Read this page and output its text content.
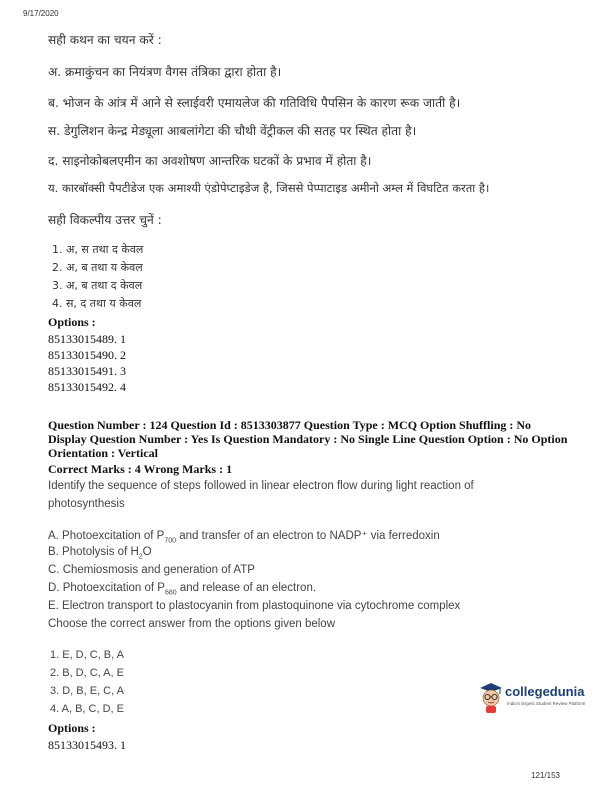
9/17/2020
सही कथन का चयन करें :
अ. क्रमाकुंचन का नियंत्रण वैगस तंत्रिका द्वारा होता है।
ब. भोजन के आंत्र में आने से स्लाईवरी एमायलेज की गतिविधि पैपसिन के कारण रूक जाती है।
स. डेगुलिशन केन्द्र मेड्यूला आबलांगेटा की चौथी वेंट्रीकल की सतह पर स्थित होता है।
द. साइनोकोबलएमीन का अवशोषण आन्तरिक घटकों के प्रभाव में होता है।
य. कारबॉक्सी पैपटीडेज एक अमाश्यी एंडोपेप्टाइडेज है, जिससे पेप्पाटाइड अमीनो अम्ल में विघटित करता है।
सही विकल्पीय उत्तर चुनें :
1. अ, स तथा द केवल
2. अ, ब तथा य केवल
3. अ, ब तथा द केवल
4. स, द तथा य केवल
Options :
85133015489. 1
85133015490. 2
85133015491. 3
85133015492. 4
Question Number : 124 Question Id : 8513303877 Question Type : MCQ Option Shuffling : No
Display Question Number : Yes Is Question Mandatory : No Single Line Question Option : No Option
Orientation : Vertical
Correct Marks : 4 Wrong Marks : 1
Identify the sequence of steps followed in linear electron flow during light reaction of
photosynthesis
A. Photoexcitation of $P_{700}$ and transfer of an electron to NADP⁺ via ferredoxin
B. Photolysis of $H_2O$
C. Chemiosmosis and generation of ATP
D. Photoexcitation of $P_{680}$ and release of an electron.
E. Electron transport to plastocyanin from plastoquinone via cytochrome complex
Choose the correct answer from the options given below
1. E, D, C, B, A
2. B, D, C, A, E
3. D, B, E, C, A
4. A, B, C, D, E
Options :
85133015493. 1
collegedunia
India's largest Student Review Platform
121/153
